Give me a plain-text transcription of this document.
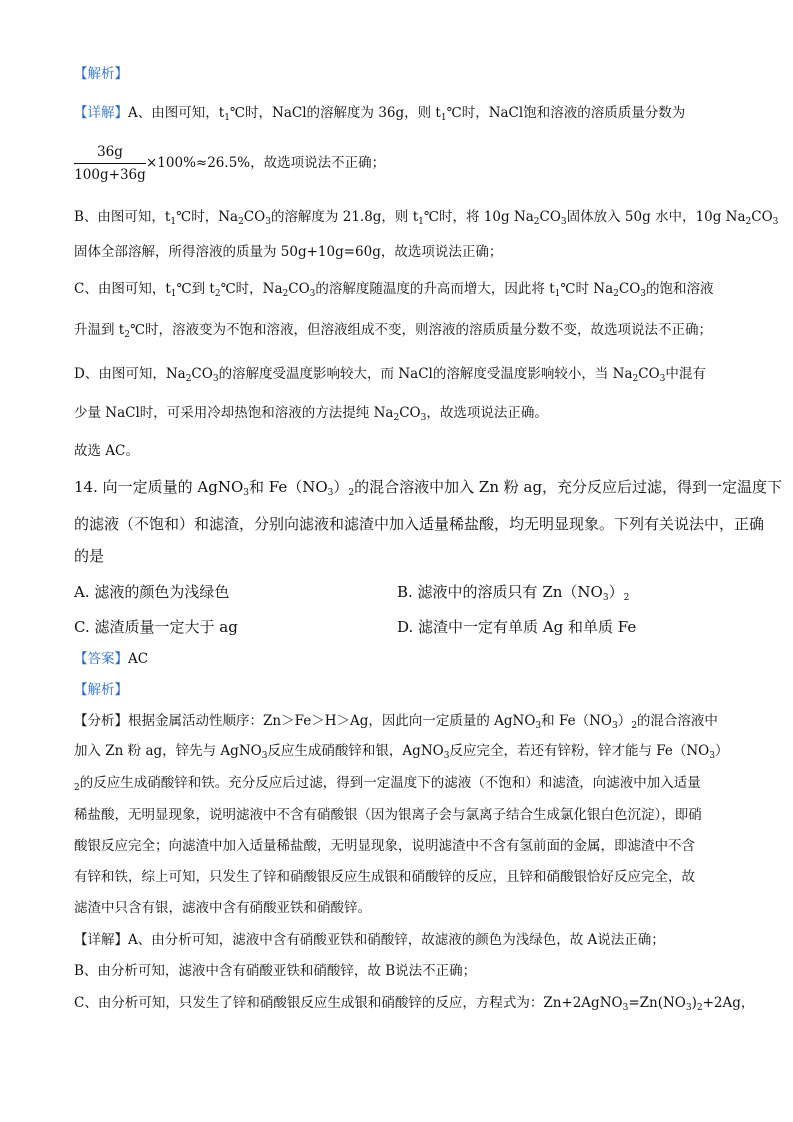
【解析】
【详解】A、由图可知，$t_1℃$时，NaCl的溶解度为 36g，则 $t_1℃$时，NaCl饱和溶液的溶质质量分数为
36g
100g+36g
×100%≈26.5%，故选项说法不正确；
B、由图可知，$t_1℃$时，$Na_2CO_3$的溶解度为 21.8g，则 $t_1℃$时，将 10g $Na_2CO_3$固体放入 50g 水中，10g $Na_2CO_3$
固体全部溶解，所得溶液的质量为 50g+10g=60g，故选项说法正确；
C、由图可知，$t_1℃$到 $t_2℃$时，$Na_2CO_3$的溶解度随温度的升高而增大，因此将 $t_1℃$时 $Na_2CO_3$的饱和溶液
升温到 $t_2℃$时，溶液变为不饱和溶液，但溶液组成不变，则溶液的溶质质量分数不变，故选项说法不正确；
D、由图可知，$Na_2CO_3$的溶解度受温度影响较大，而 NaCl的溶解度受温度影响较小，当 $Na_2CO_3$中混有
少量 NaCl时，可采用冷却热饱和溶液的方法提纯 $Na_2CO_3$，故选项说法正确。
故选 AC。
14. 向一定质量的 AgNO$_3$和 $Fe(NO_3)_2$的混合溶液中加入 Zn 粉 ag，充分反应后过滤，得到一定温度下
的滤液（不饱和）和滤渣，分别向滤液和滤渣中加入适量稀盐酸，均无明显现象。下列有关说法中，正确
的是
A. 滤液的颜色为浅绿色	B. 滤液中的溶质只有 $Zn(NO_3)_2$
C. 滤渣质量一定大于 ag	D. 滤渣中一定有单质 Ag 和单质 Fe
【答案】AC
【解析】
【分析】根据金属活动性顺序：Zn＞Fe＞H＞Ag，因此向一定质量的 AgNO$_3$和 $Fe(NO_3)_2$的混合溶液中
加入 Zn 粉 ag，锌先与 AgNO$_3$反应生成硝酸锌和银，AgNO$_3$反应完全，若还有锌粉，锌才能与 $Fe(NO_3)$
$_2$的反应生成硝酸锌和铁。充分反应后过滤，得到一定温度下的滤液（不饱和）和滤渣，向滤液中加入适量
稀盐酸，无明显现象，说明滤液中不含有硝酸银（因为银离子会与氯离子结合生成氯化银白色沉淀），即硝
酸银反应完全；向滤渣中加入适量稀盐酸，无明显现象，说明滤渣中不含有氢前面的金属，即滤渣中不含
有锌和铁，综上可知，只发生了锌和硝酸银反应生成银和硝酸锌的反应，且锌和硝酸银恰好反应完全，故
滤渣中只含有银，滤液中含有硝酸亚铁和硝酸锌。
【详解】A、由分析可知，滤液中含有硝酸亚铁和硝酸锌，故滤液的颜色为浅绿色，故 A说法正确；
B、由分析可知，滤液中含有硝酸亚铁和硝酸锌，故 B说法不正确；
C、由分析可知，只发生了锌和硝酸银反应生成银和硝酸锌的反应，方程式为：$Zn+2AgNO_3=Zn(NO_3)_2+2Ag$，
